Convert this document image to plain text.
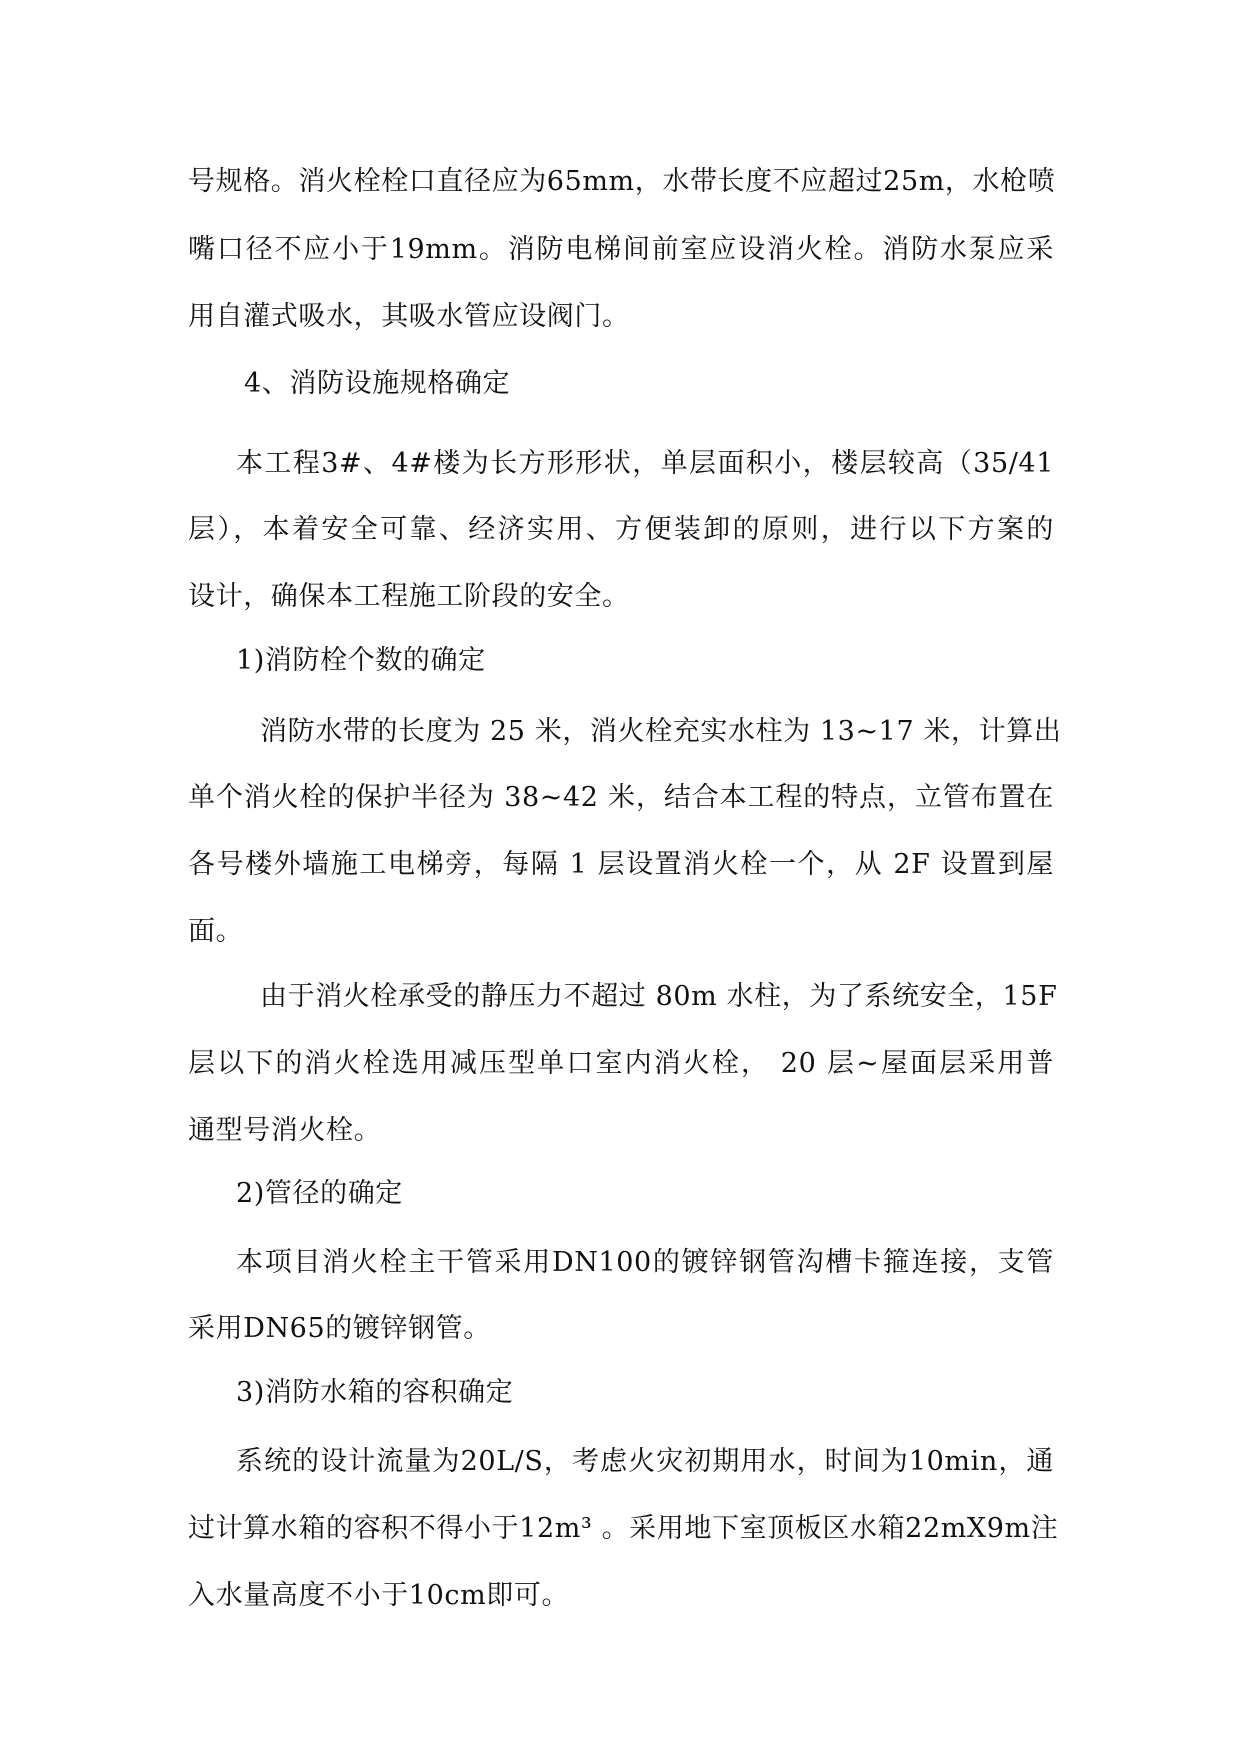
号规格。消火栓栓口直径应为65mm，水带长度不应超过25m，水枪喷
嘴口径不应小于19mm。消防电梯间前室应设消火栓。消防水泵应采
用自灌式吸水，其吸水管应设阀门。
4、消防设施规格确定
本工程3#、4#楼为长方形形状，单层面积小，楼层较高（35/41
层），本着安全可靠、经济实用、方便装卸的原则，进行以下方案的
设计，确保本工程施工阶段的安全。
1)消防栓个数的确定
消防水带的长度为 25 米，消火栓充实水柱为 13~17 米，计算出
单个消火栓的保护半径为 38~42 米，结合本工程的特点，立管布置在
各号楼外墙施工电梯旁，每隔 1 层设置消火栓一个，从 2F 设置到屋
面。
由于消火栓承受的静压力不超过 80m 水柱，为了系统安全，15F
层以下的消火栓选用减压型单口室内消火栓， 20 层~屋面层采用普
通型号消火栓。
2)管径的确定
本项目消火栓主干管采用DN100的镀锌钢管沟槽卡箍连接，支管
采用DN65的镀锌钢管。
3)消防水箱的容积确定
系统的设计流量为20L/S，考虑火灾初期用水，时间为10min，通
过计算水箱的容积不得小于12m³ 。采用地下室顶板区水箱22mX9m注
入水量高度不小于10cm即可。
